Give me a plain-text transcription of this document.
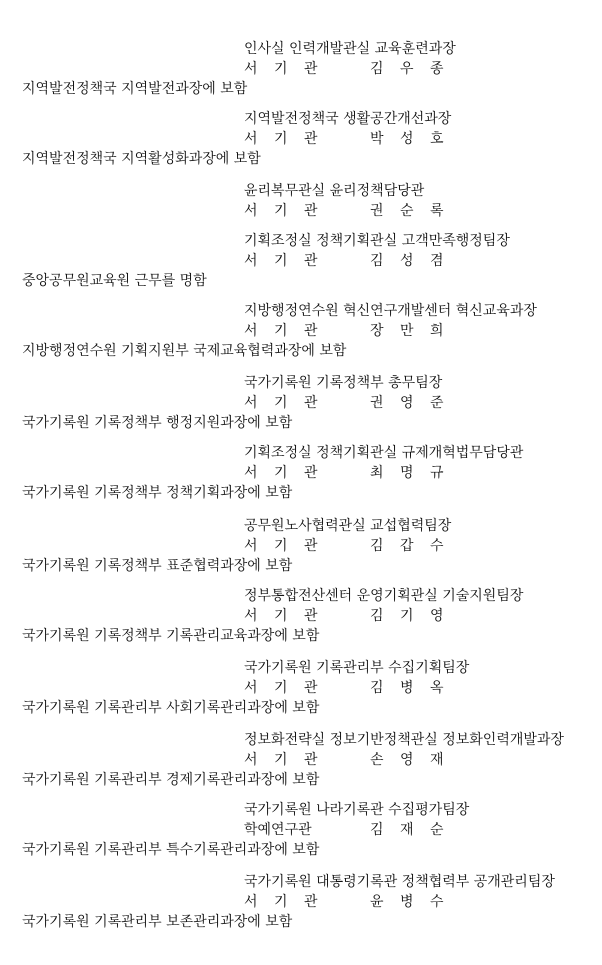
인사실 인력개발관실 교육훈련과장
서 기 관	김 우 종
지역발전정책국 지역발전과장에 보함
지역발전정책국 생활공간개선과장
서 기 관	박 성 호
지역발전정책국 지역활성화과장에 보함
윤리복무관실 윤리정책담당관
서 기 관	권 순 록
기획조정실 정책기획관실 고객만족행정팀장
서 기 관	김 성 겸
중앙공무원교육원 근무를 명함
지방행정연수원 혁신연구개발센터 혁신교육과장
서 기 관	장 만 희
지방행정연수원 기획지원부 국제교육협력과장에 보함
국가기록원 기록정책부 총무팀장
서 기 관	권 영 준
국가기록원 기록정책부 행정지원과장에 보함
기획조정실 정책기획관실 규제개혁법무담당관
서 기 관	최 명 규
국가기록원 기록정책부 정책기획과장에 보함
공무원노사협력관실 교섭협력팀장
서 기 관	김 갑 수
국가기록원 기록정책부 표준협력과장에 보함
정부통합전산센터 운영기획관실 기술지원팀장
서 기 관	김 기 영
국가기록원 기록정책부 기록관리교육과장에 보함
국가기록원 기록관리부 수집기획팀장
서 기 관	김 병 옥
국가기록원 기록관리부 사회기록관리과장에 보함
정보화전략실 정보기반정책관실 정보화인력개발과장
서 기 관	손 영 재
국가기록원 기록관리부 경제기록관리과장에 보함
국가기록원 나라기록관 수집평가팀장
학예연구관	김 재 순
국가기록원 기록관리부 특수기록관리과장에 보함
국가기록원 대통령기록관 정책협력부 공개관리팀장
서 기 관	윤 병 수
국가기록원 기록관리부 보존관리과장에 보함
